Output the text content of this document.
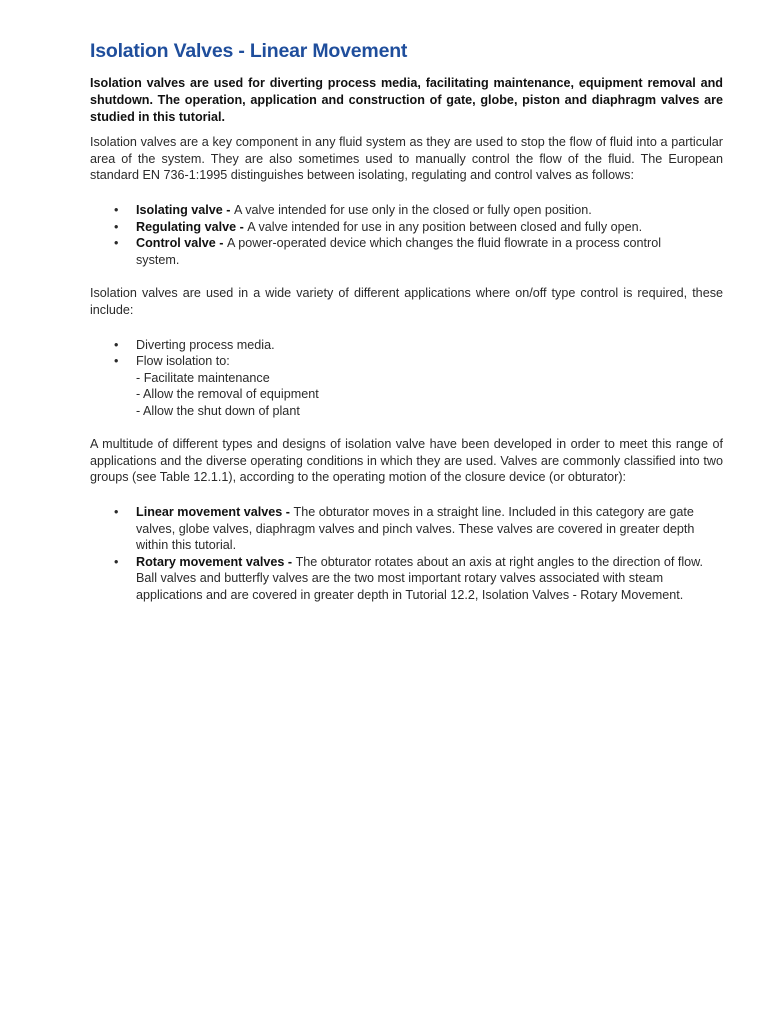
Isolation Valves - Linear Movement

Isolation valves are used for diverting process media, facilitating maintenance, equipment removal and shutdown. The operation, application and construction of gate, globe, piston and diaphragm valves are studied in this tutorial.

Isolation valves are a key component in any fluid system as they are used to stop the flow of fluid into a particular area of the system. They are also sometimes used to manually control the flow of the fluid. The European standard EN 736-1:1995 distinguishes between isolating, regulating and control valves as follows:

• Isolating valve - A valve intended for use only in the closed or fully open position.
• Regulating valve - A valve intended for use in any position between closed and fully open.
• Control valve - A power-operated device which changes the fluid flowrate in a process control system.

Isolation valves are used in a wide variety of different applications where on/off type control is required, these include:

• Diverting process media.
• Flow isolation to:
- Facilitate maintenance
- Allow the removal of equipment
- Allow the shut down of plant

A multitude of different types and designs of isolation valve have been developed in order to meet this range of applications and the diverse operating conditions in which they are used. Valves are commonly classified into two groups (see Table 12.1.1), according to the operating motion of the closure device (or obturator):

• Linear movement valves - The obturator moves in a straight line. Included in this category are gate valves, globe valves, diaphragm valves and pinch valves. These valves are covered in greater depth within this tutorial.
• Rotary movement valves - The obturator rotates about an axis at right angles to the direction of flow. Ball valves and butterfly valves are the two most important rotary valves associated with steam applications and are covered in greater depth in Tutorial 12.2, Isolation Valves - Rotary Movement.
